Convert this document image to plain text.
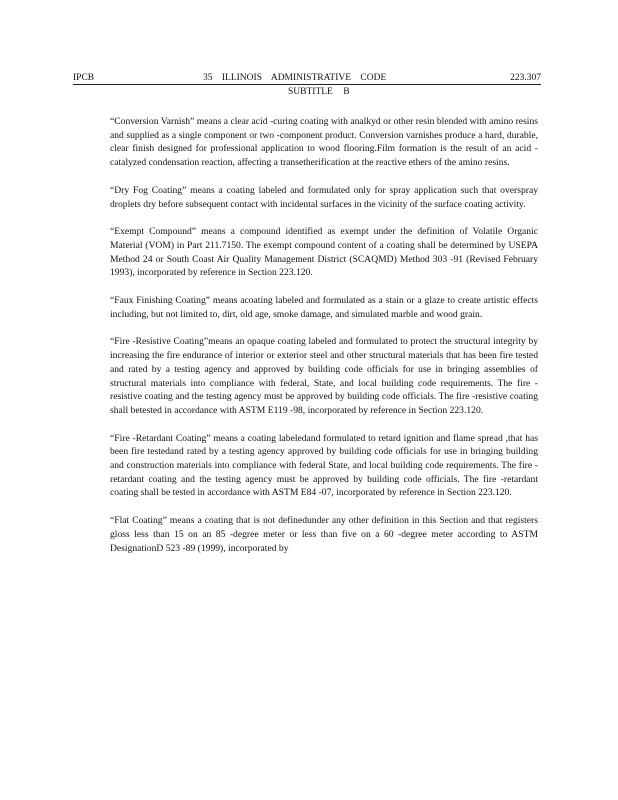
IPCB	35 ILLINOIS ADMINISTRATIVE CODE	223.307
SUBTITLE B

“Conversion Varnish” means a clear acid -curing coating with analkyd or other resin blended with amino resins and supplied as a single component or two -component product. Conversion varnishes produce a hard, durable, clear finish designed for professional application to wood flooring.Film formation is the result of an acid -catalyzed condensation reaction, affecting a transetherification at the reactive ethers of the amino resins.

“Dry Fog Coating” means a coating labeled and formulated only for spray application such that overspray droplets dry before subsequent contact with incidental surfaces in the vicinity of the surface coating activity.

“Exempt Compound” means a compound identified as exempt under the definition of Volatile Organic Material (VOM) in Part 211.7150. The exempt compound content of a coating shall be determined by USEPA Method 24 or South Coast Air Quality Management District (SCAQMD) Method 303 -91 (Revised February 1993), incorporated by reference in Section 223.120.

“Faux Finishing Coating” means acoating labeled and formulated as a stain or a glaze to create artistic effects including, but not limited to, dirt, old age, smoke damage, and simulated marble and wood grain.

“Fire -Resistive Coating”means an opaque coating labeled and formulated to protect the structural integrity by increasing the fire endurance of interior or exterior steel and other structural materials that has been fire tested and rated by a testing agency and approved by building code officials for use in bringing assemblies of structural materials into compliance with federal, State, and local building code requirements. The fire -resistive coating and the testing agency must be approved by building code officials. The fire -resistive coating shall betested in accordance with ASTM E119 -98, incorporated by reference in Section 223.120.

“Fire -Retardant Coating” means a coating labeledand formulated to retard ignition and flame spread ,that has been fire testedand rated by a testing agency approved by building code officials for use in bringing building and construction materials into compliance with federal State, and local building code requirements. The fire -retardant coating and the testing agency must be approved by building code officials. The fire -retardant coating shall be tested in accordance with ASTM E84 -07, incorporated by reference in Section 223.120.

“Flat Coating” means a coating that is not definedunder any other definition in this Section and that registers gloss less than 15 on an 85 -degree meter or less than five on a 60 -degree meter according to ASTM DesignationD 523 -89 (1999), incorporated by
